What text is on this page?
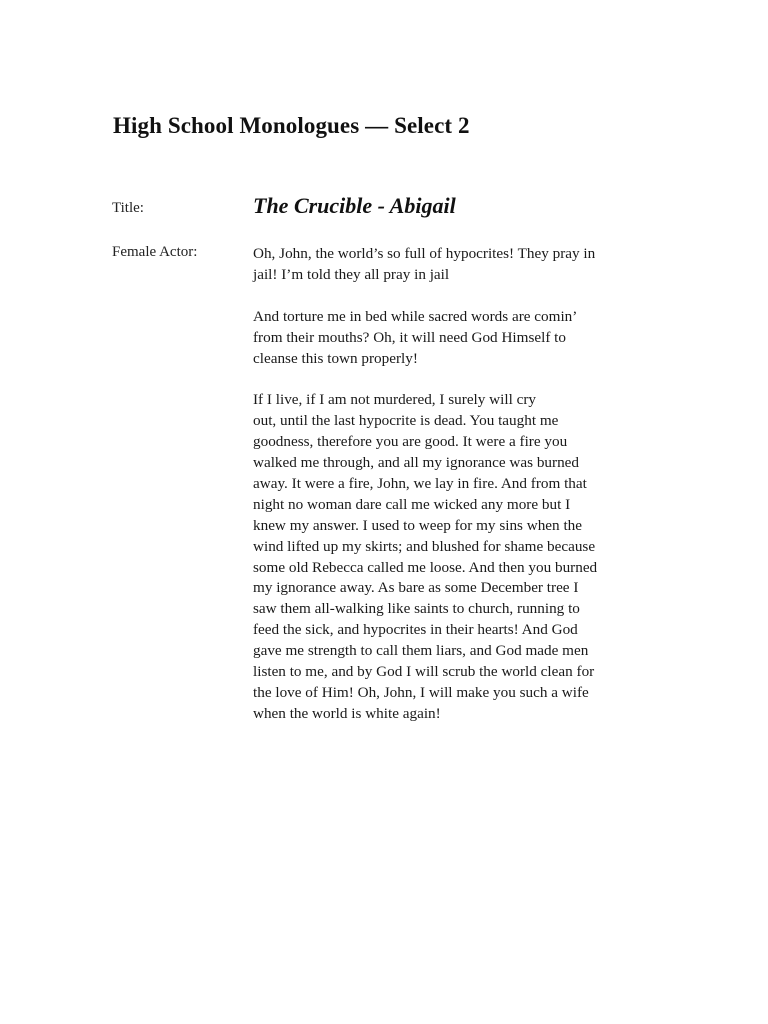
High School Monologues — Select 2
Title:	The Crucible - Abigail
Female Actor:	Oh, John, the world’s so full of hypocrites! They pray in
jail! I’m told they all pray in jail

And torture me in bed while sacred words are comin’
from their mouths? Oh, it will need God Himself to
cleanse this town properly!

If I live, if I am not murdered, I surely will cry
out, until the last hypocrite is dead. You taught me
goodness, therefore you are good. It were a fire you
walked me through, and all my ignorance was burned
away. It were a fire, John, we lay in fire. And from that
night no woman dare call me wicked any more but I
knew my answer. I used to weep for my sins when the
wind lifted up my skirts; and blushed for shame because
some old Rebecca called me loose. And then you burned
my ignorance away. As bare as some December tree I
saw them all-walking like saints to church, running to
feed the sick, and hypocrites in their hearts! And God
gave me strength to call them liars, and God made men
listen to me, and by God I will scrub the world clean for
the love of Him! Oh, John, I will make you such a wife
when the world is white again!
